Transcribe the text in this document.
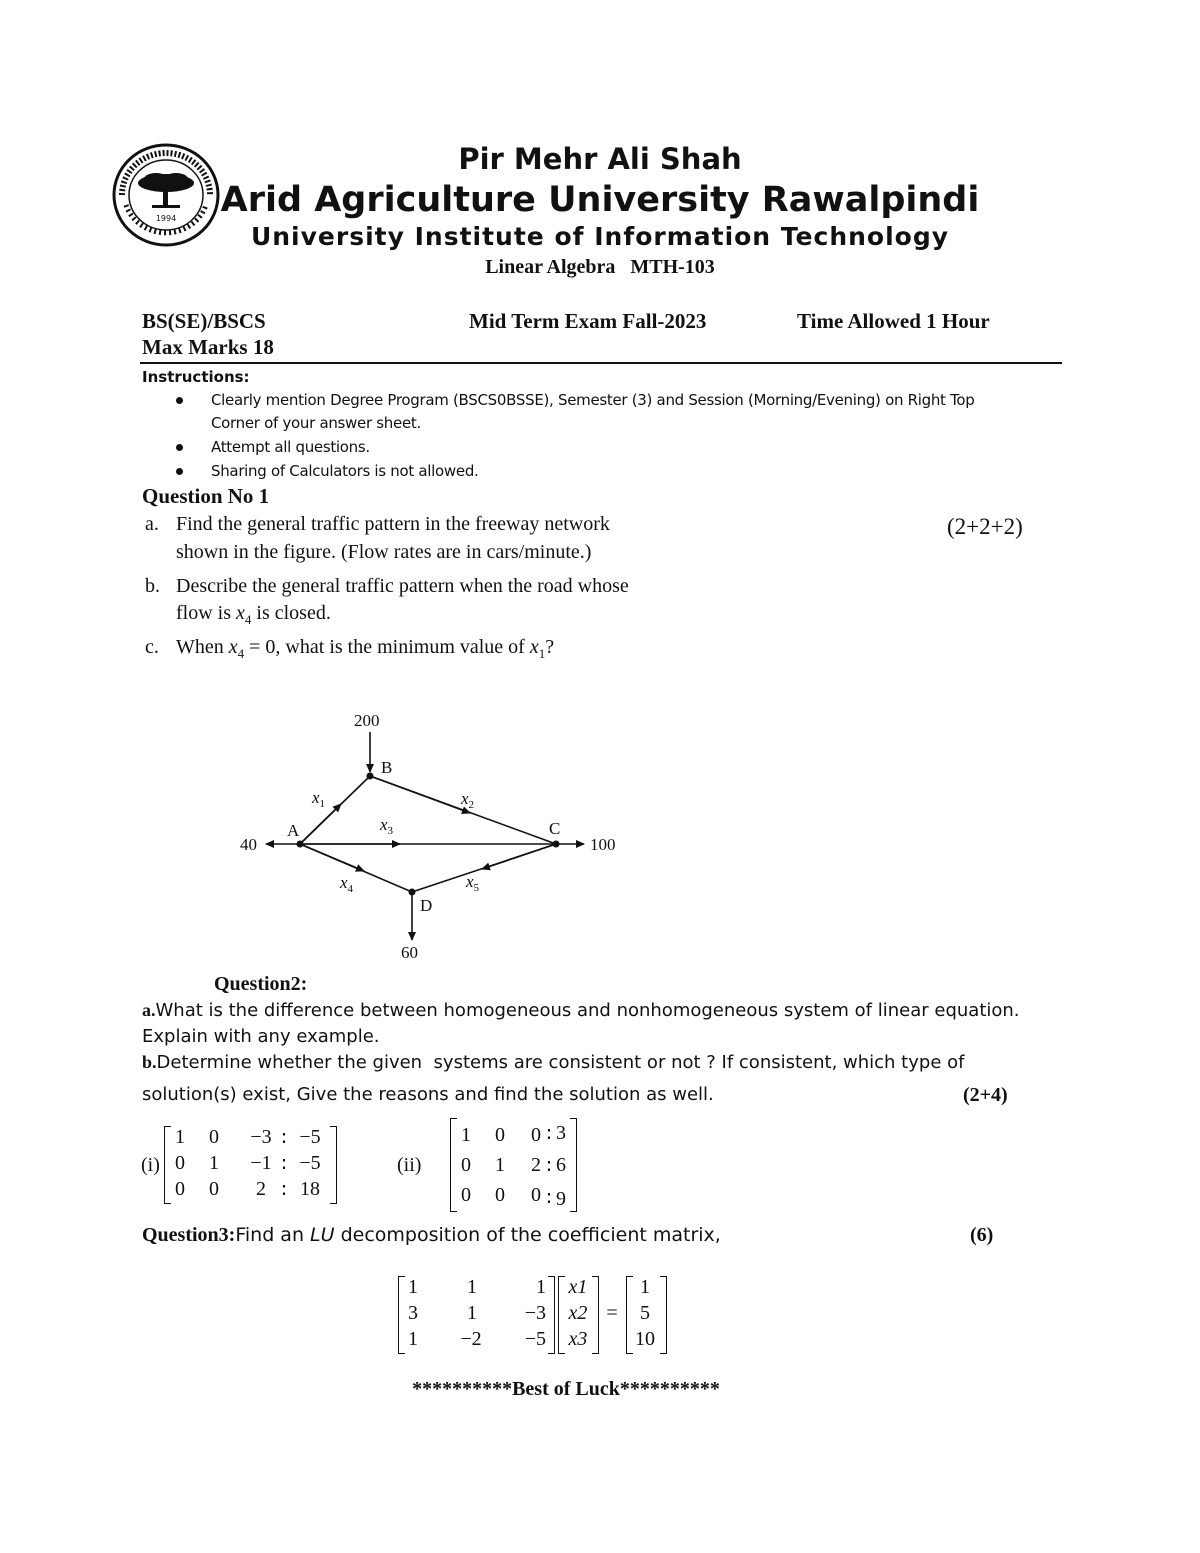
1994
Pir Mehr Ali Shah
Arid Agriculture University Rawalpindi
University Institute of Information Technology
Linear Algebra   MTH-103
BS(SE)/BSCS	Mid Term Exam Fall-2023	Time Allowed 1 Hour
Max Marks 18
Instructions:
Clearly mention Degree Program (BSCS0BSSE), Semester (3) and Session (Morning/Evening) on Right Top
Corner of your answer sheet.
Attempt all questions.
Sharing of Calculators is not allowed.
Question No 1
a. Find the general traffic pattern in the freeway network
shown in the figure. (Flow rates are in cars/minute.)
(2+2+2)
b. Describe the general traffic pattern when the road whose
flow is $x_4$ is closed.
c. When $x_4 = 0$, what is the minimum value of $x_1$?
200
40	100
60
A
B
C
D
$x_1$	$x_2$
$x_3$
$x_4$	$x_5$
Question2:
a.What is the difference between homogeneous and nonhomogeneous system of linear equation.
Explain with any example.
b.Determine whether the given  systems are consistent or not ? If consistent, which type of
solution(s) exist, Give the reasons and find the solution as well.	(2+4)
(i)
1 0 −3 ∶ −5
0 1 −1 ∶ −5
0 0	2 ∶ 18
(ii)
1 0 0 ∶ 3
0 1 2 ∶ 6
0 0 0 ∶ 9
Question3:Find an LU decomposition of the coefficient matrix,	(6)
1	1	1
3	1	−3
1	−2	−5
x1
x2
x3
=
1
5
10
**********Best of Luck**********
